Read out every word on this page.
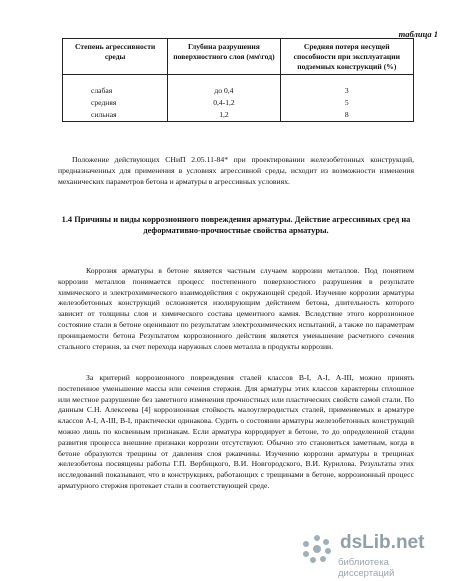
таблица 1
Степень агрессивности среды	Глубина разрушения поверхностного слоя (мм\год)	Средняя потеря несущей способности при эксплуатации подземных конструкций (%)
слабая	до 0,4	3
средняя	0,4-1,2	5
сильная	1,2	8

Положение действующих СНиП 2.05.11-84* при проектировании железобетонных конструкций, предназначенных для применения в условиях агрессивной среды, исходит из возможности изменения механических параметров бетона и арматуры в агрессивных условиях.

1.4 Причины и виды коррозионного повреждения арматуры. Действие агрессивных сред на деформативно-прочностные свойства арматуры.

Коррозия арматуры в бетоне является частным случаем коррозии металлов. Под понятием коррозии металлов понимается процесс постепенного поверхностного разрушения в результате химического и электрохимического взаимодействия с окружающей средой. Изучение коррозии арматуры железобетонных конструкций осложняется изолирующим действием бетона, длительность которого зависит от толщины слоя и химического состава цементного камня. Вследствие этого коррозионное состояние стали в бетоне оценивают по результатам электрохимических испытаний, а также по параметрам проницаемости бетона Результатом коррозионного действия является уменьшение расчетного сечения стального стержня, за счет перехода наружных слоев металла в продукты коррозии.

За критерий коррозионного повреждения сталей классов В-I, А-I, А-III, можно принять постепенное уменьшение массы или сечения стержня. Для арматуры этих классов характерны сплошное или местное разрушение без заметного изменения прочностных или пластических свойств самой стали. По данным С.Н. Алексеева [4] коррозионная стойкость малоуглеродистых сталей, применяемых в арматуре классов А-I, А-III, В-I, практически одинакова. Судить о состоянии арматуры железобетонных конструкций можно лишь по косвенным признакам. Если арматура корродирует в бетоне, то до определенной стадии развития процесса внешние признаки коррозии отсутствуют. Обычно это становиться заметным, когда в бетоне образуются трещины от давления слоя ржавчины. Изучению коррозии арматуры в трещинах железобетона посвящены работы Г.П. Вербицкого, В.И. Новгородского, В.И. Курилова. Результаты этих исследований показывают, что в конструкциях, работающих с трещинами в бетоне, коррозионный процесс арматурного стержня протекает стали в соответствующей среде.

dsLib.net
библиотека диссертаций
